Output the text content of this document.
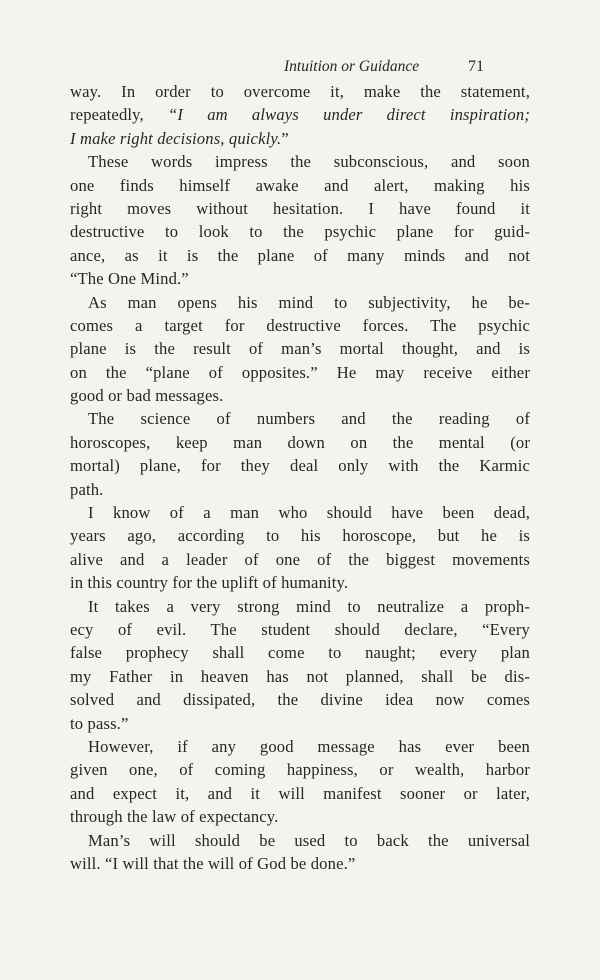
Intuition or Guidance	71
way. In order to overcome it, make the statement,
repeatedly, “I am always under direct inspiration;
I make right decisions, quickly.”
These words impress the subconscious, and soon
one finds himself awake and alert, making his
right moves without hesitation. I have found it
destructive to look to the psychic plane for guid-
ance, as it is the plane of many minds and not
“The One Mind.”
As man opens his mind to subjectivity, he be-
comes a target for destructive forces. The psychic
plane is the result of man’s mortal thought, and is
on the “plane of opposites.” He may receive either
good or bad messages.
The science of numbers and the reading of
horoscopes, keep man down on the mental (or
mortal) plane, for they deal only with the Karmic
path.
I know of a man who should have been dead,
years ago, according to his horoscope, but he is
alive and a leader of one of the biggest movements
in this country for the uplift of humanity.
It takes a very strong mind to neutralize a proph-
ecy of evil. The student should declare, “Every
false prophecy shall come to naught; every plan
my Father in heaven has not planned, shall be dis-
solved and dissipated, the divine idea now comes
to pass.”
However, if any good message has ever been
given one, of coming happiness, or wealth, harbor
and expect it, and it will manifest sooner or later,
through the law of expectancy.
Man’s will should be used to back the universal
will. “I will that the will of God be done.”
